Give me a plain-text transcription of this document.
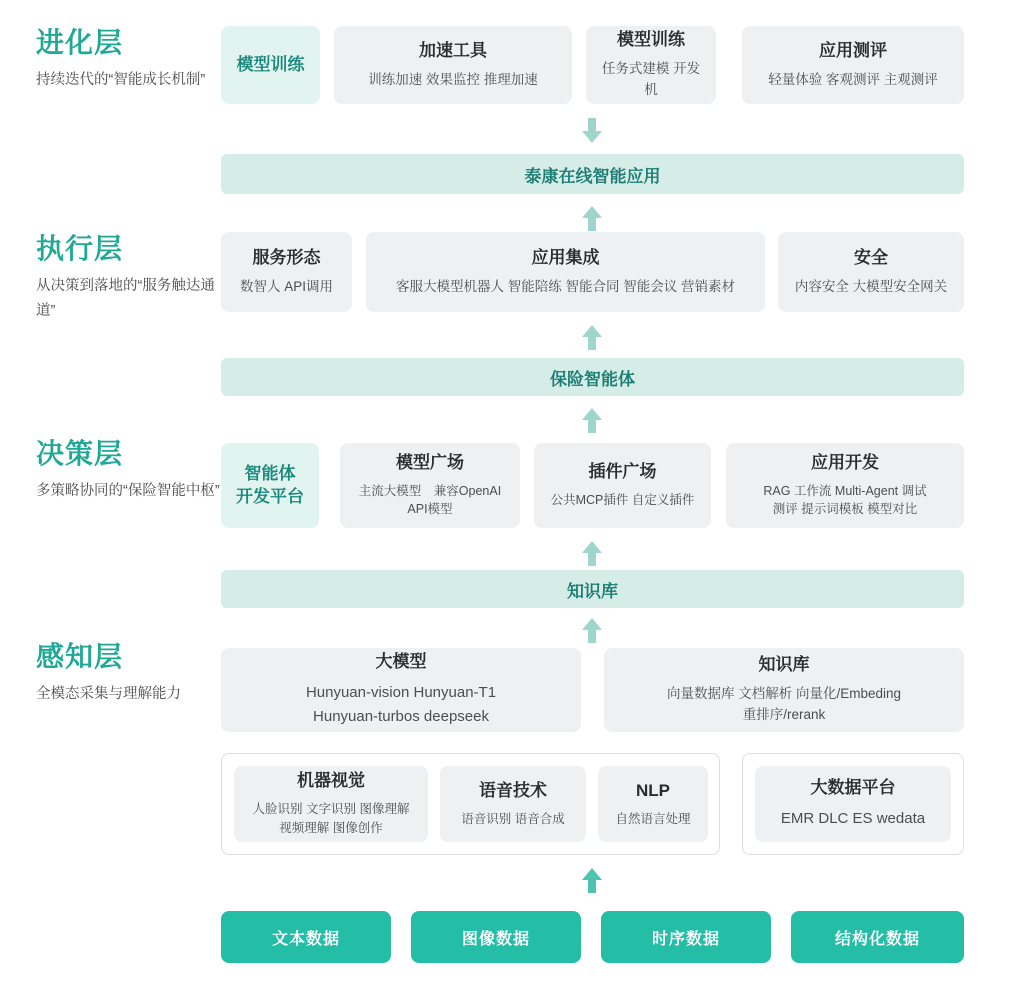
进化层
持续迭代的“智能成长机制”
模型训练
加速工具
训练加速 效果监控 推理加速
模型训练
任务式建模 开发机
应用测评
轻量体验 客观测评 主观测评
泰康在线智能应用
执行层
从决策到落地的“服务触达通道”
服务形态
数智人 API调用
应用集成
客服大模型机器人 智能陪练 智能合同 智能会议 营销素材
安全
内容安全 大模型安全网关
保险智能体
决策层
多策略协同的“保险智能中枢”
智能体
开发平台
模型广场
主流大模型　兼容OpenAI
API模型
插件广场
公共MCP插件 自定义插件
应用开发
RAG 工作流 Multi-Agent 调试
测评 提示词模板 模型对比
知识库
感知层
全模态采集与理解能力
大模型
Hunyuan-vision Hunyuan-T1
Hunyuan-turbos deepseek
知识库
向量数据库 文档解析 向量化/Embeding
重排序/rerank
机器视觉
人脸识别 文字识别 图像理解
视频理解 图像创作
语音技术
语音识别 语音合成
NLP
自然语言处理
大数据平台
EMR DLC ES wedata
文本数据	图像数据	时序数据	结构化数据
